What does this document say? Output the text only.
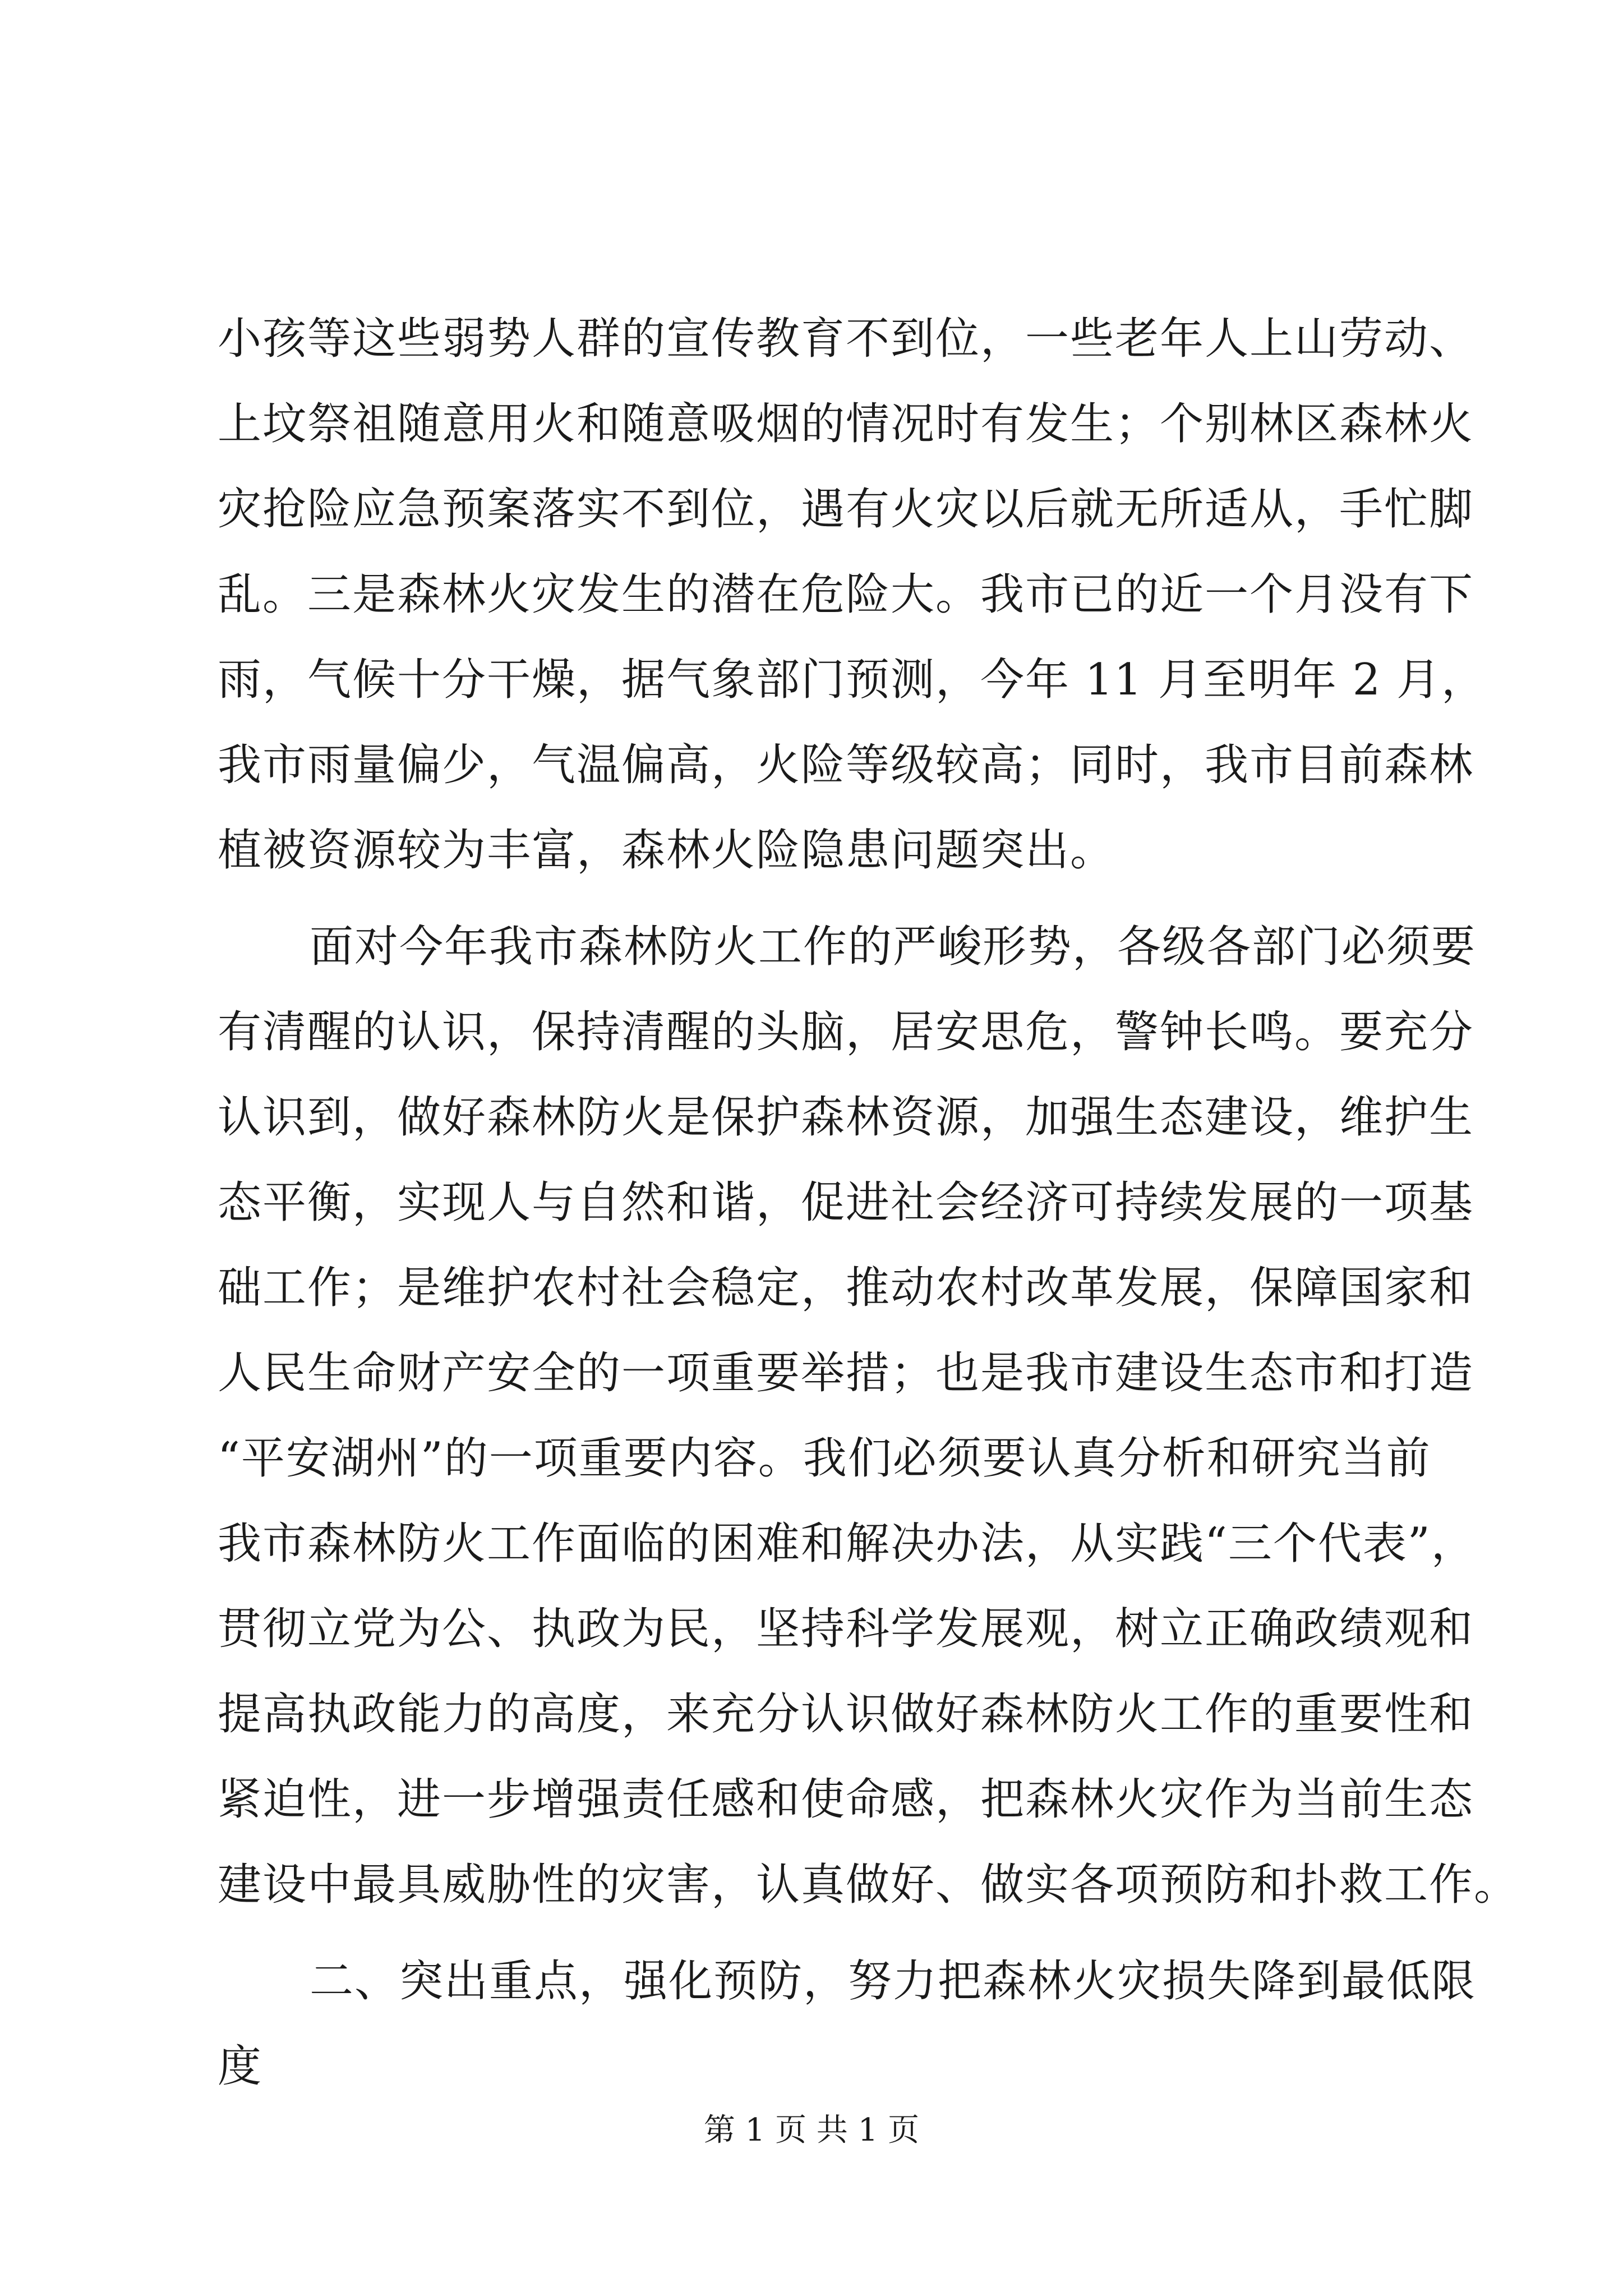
小孩等这些弱势人群的宣传教育不到位，一些老年人上山劳动、
上坟祭祖随意用火和随意吸烟的情况时有发生；个别林区森林火
灾抢险应急预案落实不到位，遇有火灾以后就无所适从，手忙脚
乱。三是森林火灾发生的潜在危险大。我市已的近一个月没有下
雨，气候十分干燥，据气象部门预测，今年 11 月至明年 2 月，
我市雨量偏少，气温偏高，火险等级较高；同时，我市目前森林
植被资源较为丰富，森林火险隐患问题突出。
面对今年我市森林防火工作的严峻形势，各级各部门必须要
有清醒的认识，保持清醒的头脑，居安思危，警钟长鸣。要充分
认识到，做好森林防火是保护森林资源，加强生态建设，维护生
态平衡，实现人与自然和谐，促进社会经济可持续发展的一项基
础工作；是维护农村社会稳定，推动农村改革发展，保障国家和
人民生命财产安全的一项重要举措；也是我市建设生态市和打造
“平安湖州”的一项重要内容。我们必须要认真分析和研究当前
我市森林防火工作面临的困难和解决办法，从实践“三个代表”，
贯彻立党为公、执政为民，坚持科学发展观，树立正确政绩观和
提高执政能力的高度，来充分认识做好森林防火工作的重要性和
紧迫性，进一步增强责任感和使命感，把森林火灾作为当前生态
建设中最具威胁性的灾害，认真做好、做实各项预防和扑救工作。
二、突出重点，强化预防，努力把森林火灾损失降到最低限
度
第 1 页 共 1 页
